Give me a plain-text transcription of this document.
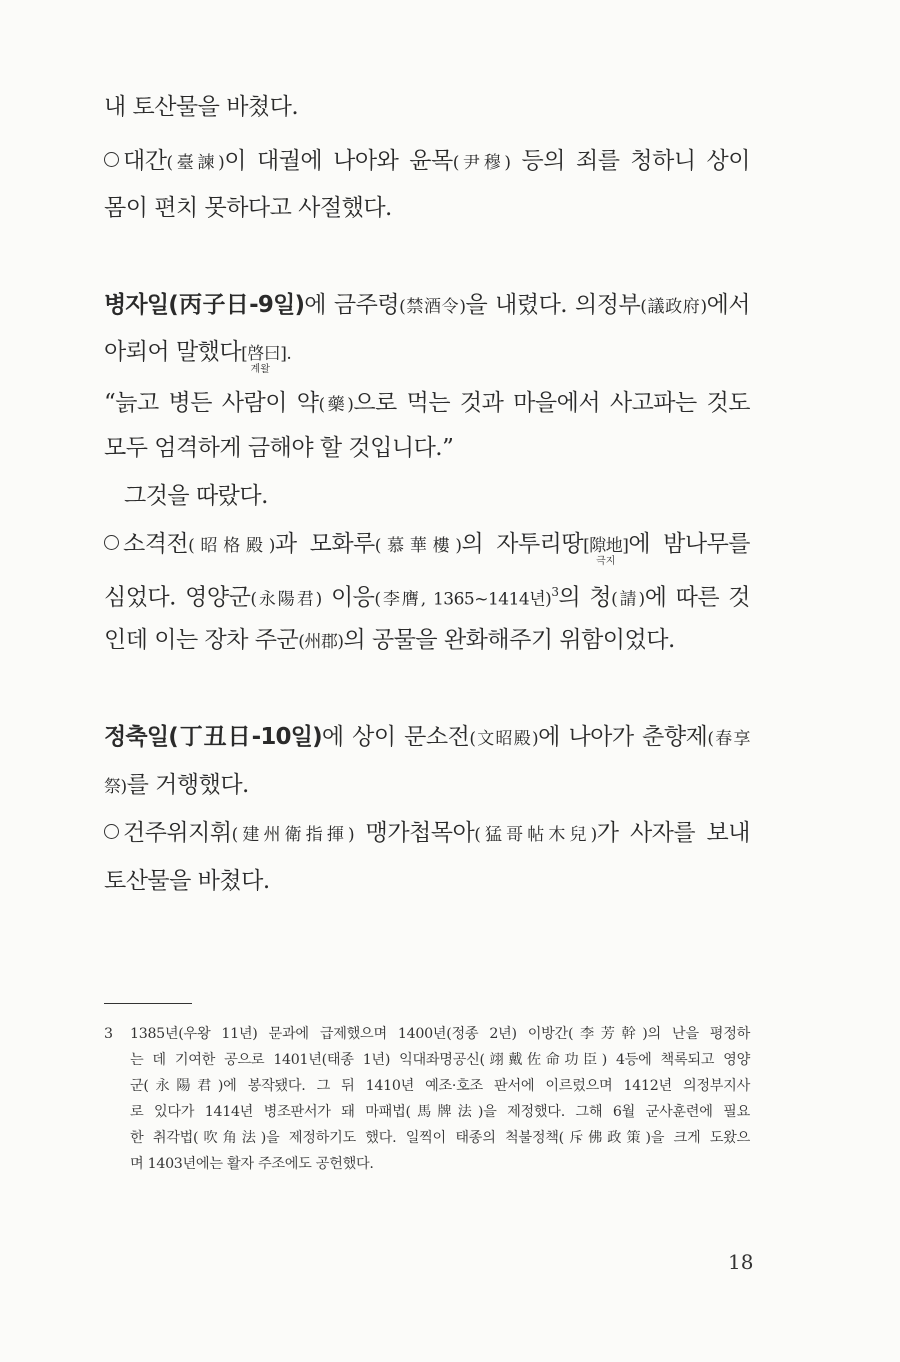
내 토산물을 바쳤다.
대간(臺諫)이 대궐에 나아와 윤목(尹穆) 등의 죄를 청하니 상이
몸이 편치 못하다고 사절했다.
병자일(丙子日-9일)에 금주령(禁酒令)을 내렸다. 의정부(議政府)에서
아뢰어 말했다[啓曰].
계왈
“늙고 병든 사람이 약(藥)으로 먹는 것과 마을에서 사고파는 것도
모두 엄격하게 금해야 할 것입니다.”
그것을 따랐다.
소격전(昭格殿)과 모화루(慕華樓)의 자투리땅[隙地]
극지
에 밤나무를
심었다. 영양군(永陽君) 이응(李膺, 1365~1414년)$^3$의 청(請)에 따른 것
인데 이는 장차 주군(州郡)의 공물을 완화해주기 위함이었다.
정축일(丁丑日-10일)에 상이 문소전(文昭殿)에 나아가 춘향제(春享
祭)를 거행했다.
건주위지휘(建州衛指揮) 맹가첩목아(猛哥帖木兒)가 사자를 보내
토산물을 바쳤다.
3 1385년(우왕 11년) 문과에 급제했으며 1400년(정종 2년) 이방간(李芳幹)의 난을 평정하
는 데 기여한 공으로 1401년(태종 1년) 익대좌명공신(翊戴佐命功臣) 4등에 책록되고 영양
군(永陽君)에 봉작됐다. 그 뒤 1410년 예조·호조 판서에 이르렀으며 1412년 의정부지사
로 있다가 1414년 병조판서가 돼 마패법(馬牌法)을 제정했다. 그해 6월 군사훈련에 필요
한 취각법(吹角法)을 제정하기도 했다. 일찍이 태종의 척불정책(斥佛政策)을 크게 도왔으
며 1403년에는 활자 주조에도 공헌했다.
18
